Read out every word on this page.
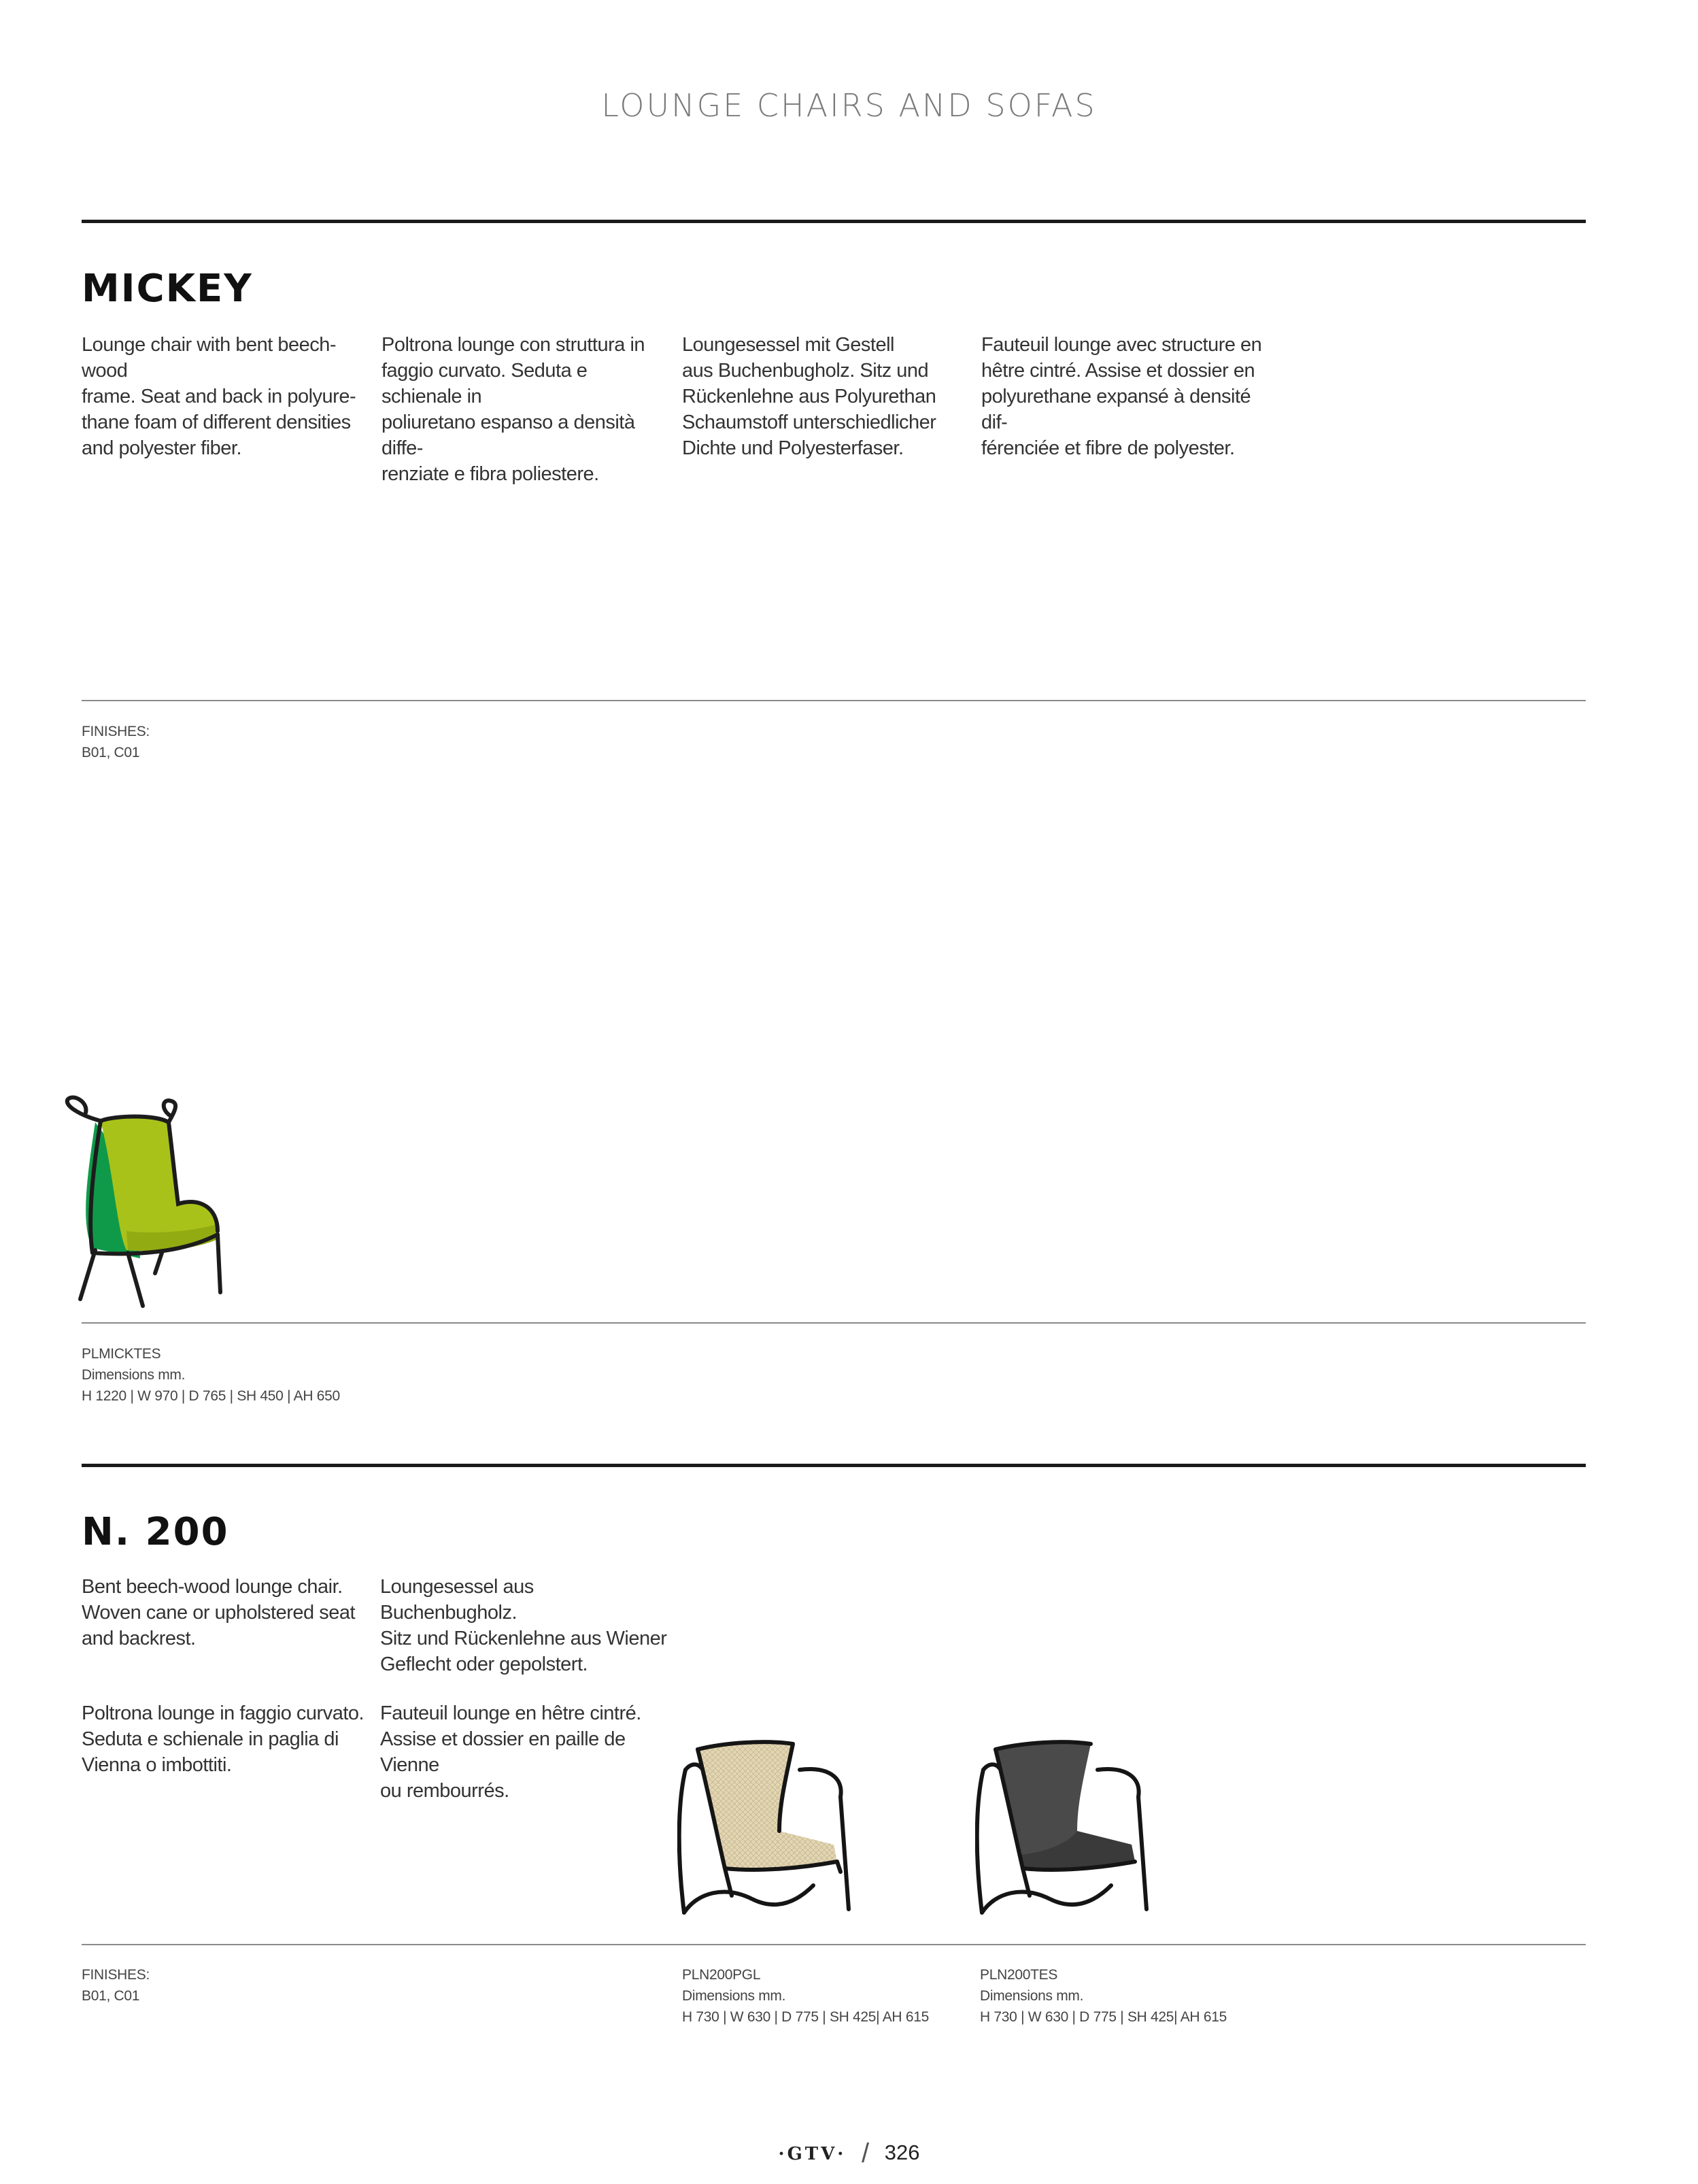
LOUNGE CHAIRS AND SOFAS
MICKEY
Lounge chair with bent beech-wood
frame. Seat and back in polyure-
thane foam of different densities
and polyester fiber.
Poltrona lounge con struttura in
faggio curvato. Seduta e schienale in
poliuretano espanso a densità diffe-
renziate e fibra poliestere.
Loungesessel mit Gestell
aus Buchenbugholz. Sitz und
Rückenlehne aus Polyurethan
Schaumstoff unterschiedlicher
Dichte und Polyesterfaser.
Fauteuil lounge avec structure en
hêtre cintré. Assise et dossier en
polyurethane expansé à densité dif-
férenciée et fibre de polyester.
FINISHES:
B01, C01
PLMICKTES
Dimensions mm.
H 1220 | W 970 | D 765 | SH 450 | AH 650
N. 200
Bent beech-wood lounge chair.
Woven cane or upholstered seat
and backrest.
Loungesessel aus Buchenbugholz.
Sitz und Rückenlehne aus Wiener
Geflecht oder gepolstert.
Poltrona lounge in faggio curvato.
Seduta e schienale in paglia di
Vienna o imbottiti.
Fauteuil lounge en hêtre cintré.
Assise et dossier en paille de Vienne
ou rembourrés.
FINISHES:
B01, C01
PLN200PGL
Dimensions mm.
H 730 | W 630 | D 775 | SH 425| AH 615
PLN200TES
Dimensions mm.
H 730 | W 630 | D 775 | SH 425| AH 615
·GTV· / 326
